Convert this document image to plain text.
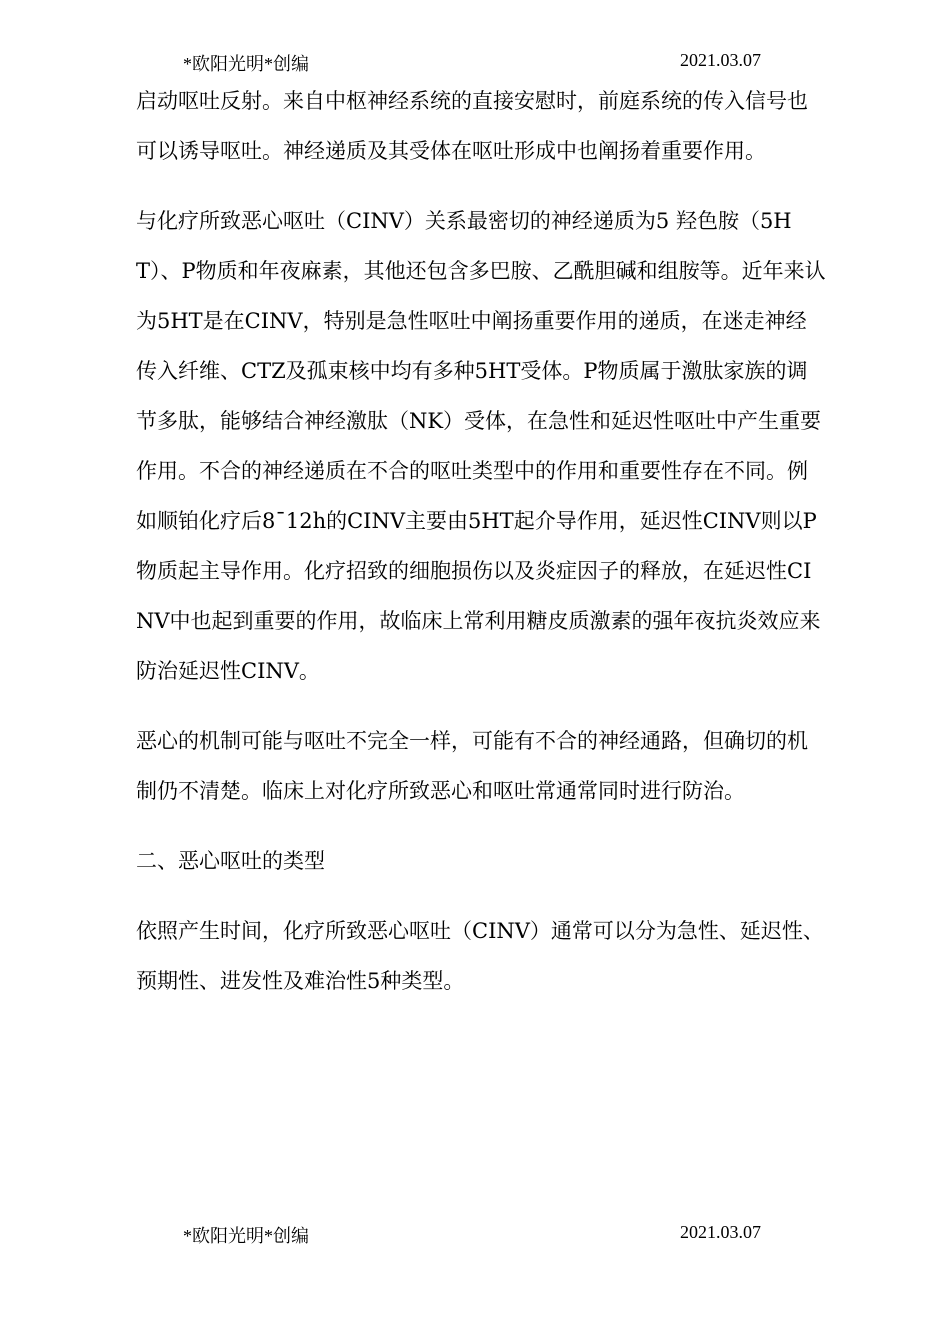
*欧阳光明*创编	2021.03.07

启动呕吐反射。来自中枢神经系统的直接安慰时，前庭系统的传入信号也可以诱导呕吐。神经递质及其受体在呕吐形成中也阐扬着重要作用。

与化疗所致恶心呕吐（CINV）关系最密切的神经递质为5 羟色胺（5HT）、P物质和年夜麻素，其他还包含多巴胺、乙酰胆碱和组胺等。近年来认为5HT是在CINV，特别是急性呕吐中阐扬重要作用的递质，在迷走神经传入纤维、CTZ及孤束核中均有多种5HT受体。P物质属于激肽家族的调节多肽，能够结合神经激肽（NK）受体，在急性和延迟性呕吐中产生重要作用。不合的神经递质在不合的呕吐类型中的作用和重要性存在不同。例如顺铂化疗后8¯12h的CINV主要由5HT起介导作用，延迟性CINV则以P物质起主导作用。化疗招致的细胞损伤以及炎症因子的释放，在延迟性CINV中也起到重要的作用，故临床上常利用糖皮质激素的强年夜抗炎效应来防治延迟性CINV。

恶心的机制可能与呕吐不完全一样，可能有不合的神经通路，但确切的机制仍不清楚。临床上对化疗所致恶心和呕吐常通常同时进行防治。

二、恶心呕吐的类型

依照产生时间，化疗所致恶心呕吐（CINV）通常可以分为急性、延迟性、预期性、进发性及难治性5种类型。

*欧阳光明*创编	2021.03.07
